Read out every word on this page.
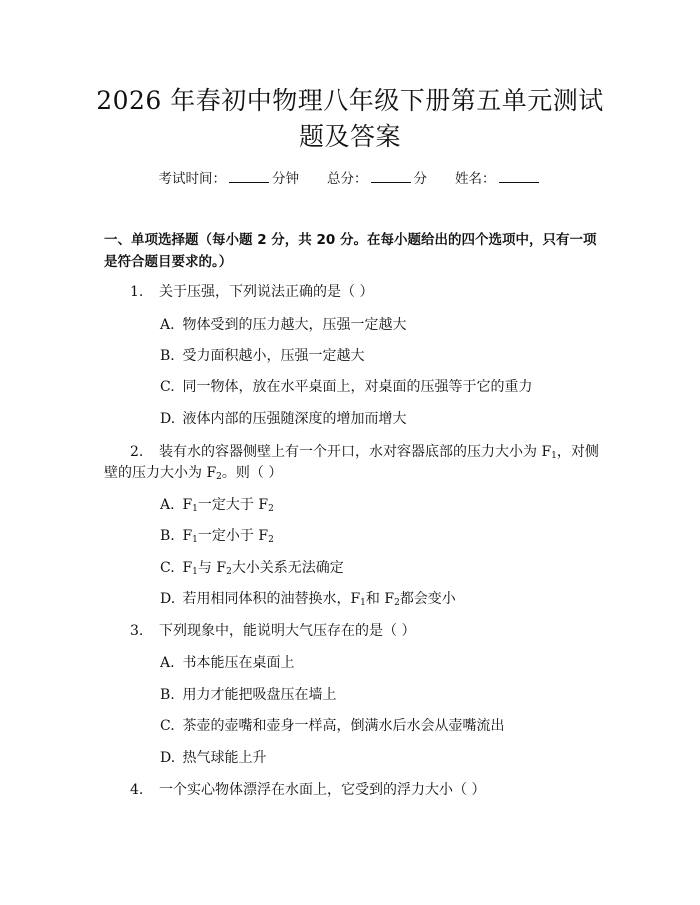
2026 年春初中物理八年级下册第五单元测试
题及答案
考试时间：	分钟 总分：	分 姓名：
一、单项选择题（每小题 2 分，共 20 分。在每小题给出的四个选项中，只有一项
是符合题目要求的。）
1. 关于压强，下列说法正确的是（ ）
A. 物体受到的压力越大，压强一定越大
B. 受力面积越小，压强一定越大
C. 同一物体，放在水平桌面上，对桌面的压强等于它的重力
D. 液体内部的压强随深度的增加而增大
2. 装有水的容器侧壁上有一个开口，水对容器底部的压力大小为 $F_1$，对侧
壁的压力大小为 $F_2$。则（ ）
A. $F_1$一定大于 $F_2$
B. $F_1$一定小于 $F_2$
C. $F_1$与 $F_2$大小关系无法确定
D. 若用相同体积的油替换水，$F_1$和 $F_2$都会变小
3. 下列现象中，能说明大气压存在的是（ ）
A. 书本能压在桌面上
B. 用力才能把吸盘压在墙上
C. 茶壶的壶嘴和壶身一样高，倒满水后水会从壶嘴流出
D. 热气球能上升
4. 一个实心物体漂浮在水面上，它受到的浮力大小（ ）
